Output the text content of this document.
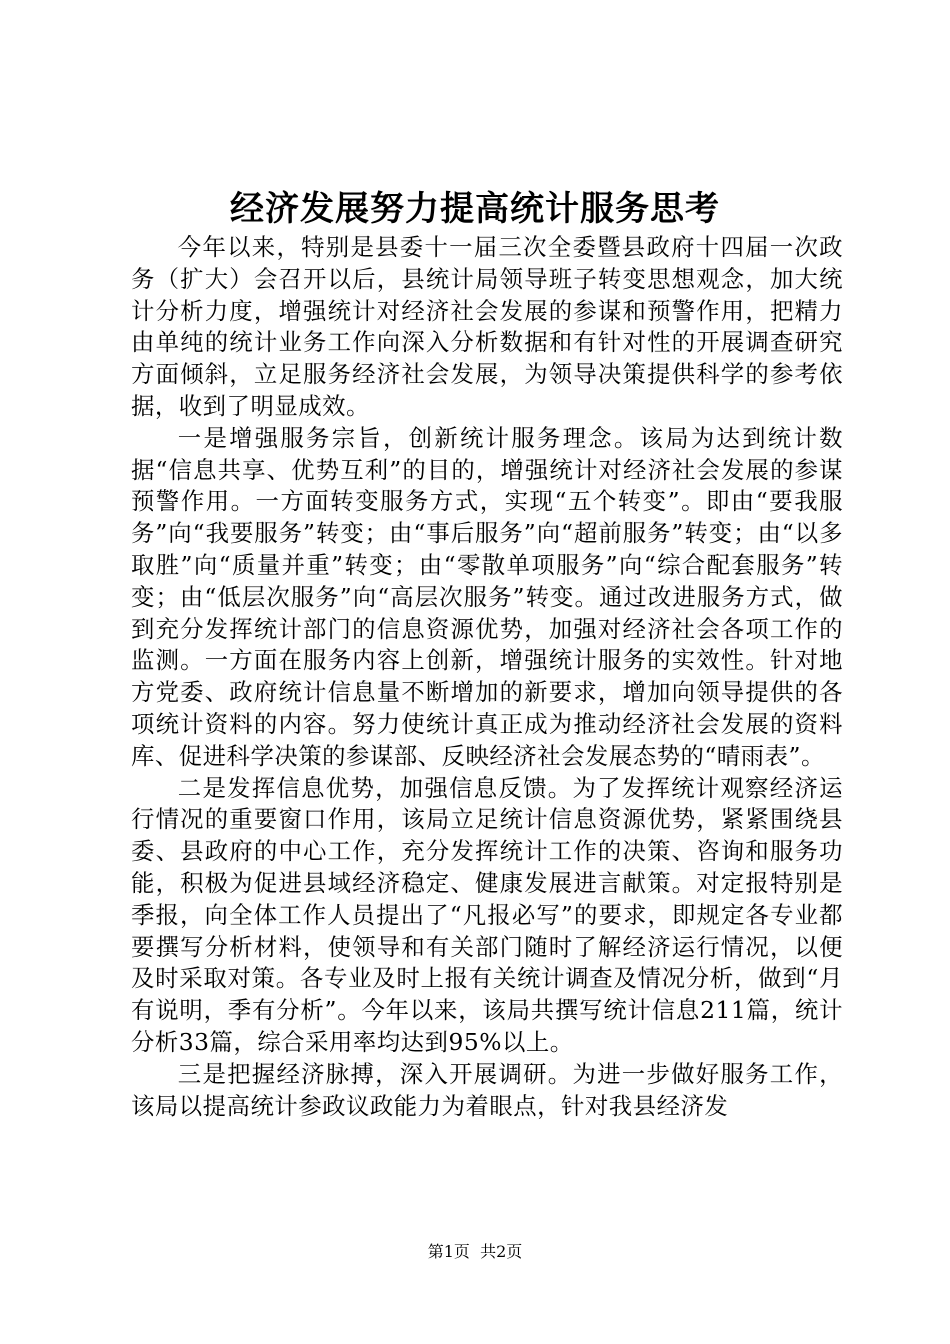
经济发展努力提高统计服务思考

今年以来，特别是县委十一届三次全委暨县政府十四届一次政务（扩大）会召开以后，县统计局领导班子转变思想观念，加大统计分析力度，增强统计对经济社会发展的参谋和预警作用，把精力由单纯的统计业务工作向深入分析数据和有针对性的开展调查研究方面倾斜，立足服务经济社会发展，为领导决策提供科学的参考依据，收到了明显成效。

一是增强服务宗旨，创新统计服务理念。该局为达到统计数据“信息共享、优势互利”的目的，增强统计对经济社会发展的参谋预警作用。一方面转变服务方式，实现“五个转变”。即由“要我服务”向“我要服务”转变；由“事后服务”向“超前服务”转变；由“以多取胜”向“质量并重”转变；由“零散单项服务”向“综合配套服务”转变；由“低层次服务”向“高层次服务”转变。通过改进服务方式，做到充分发挥统计部门的信息资源优势，加强对经济社会各项工作的监测。一方面在服务内容上创新，增强统计服务的实效性。针对地方党委、政府统计信息量不断增加的新要求，增加向领导提供的各项统计资料的内容。努力使统计真正成为推动经济社会发展的资料库、促进科学决策的参谋部、反映经济社会发展态势的“晴雨表”。

二是发挥信息优势，加强信息反馈。为了发挥统计观察经济运行情况的重要窗口作用，该局立足统计信息资源优势，紧紧围绕县委、县政府的中心工作，充分发挥统计工作的决策、咨询和服务功能，积极为促进县域经济稳定、健康发展进言献策。对定报特别是季报，向全体工作人员提出了“凡报必写”的要求，即规定各专业都要撰写分析材料，使领导和有关部门随时了解经济运行情况，以便及时采取对策。各专业及时上报有关统计调查及情况分析，做到“月有说明，季有分析”。今年以来，该局共撰写统计信息211篇，统计分析33篇，综合采用率均达到95%以上。

三是把握经济脉搏，深入开展调研。为进一步做好服务工作，该局以提高统计参政议政能力为着眼点，针对我县经济发

第1页  共2页
